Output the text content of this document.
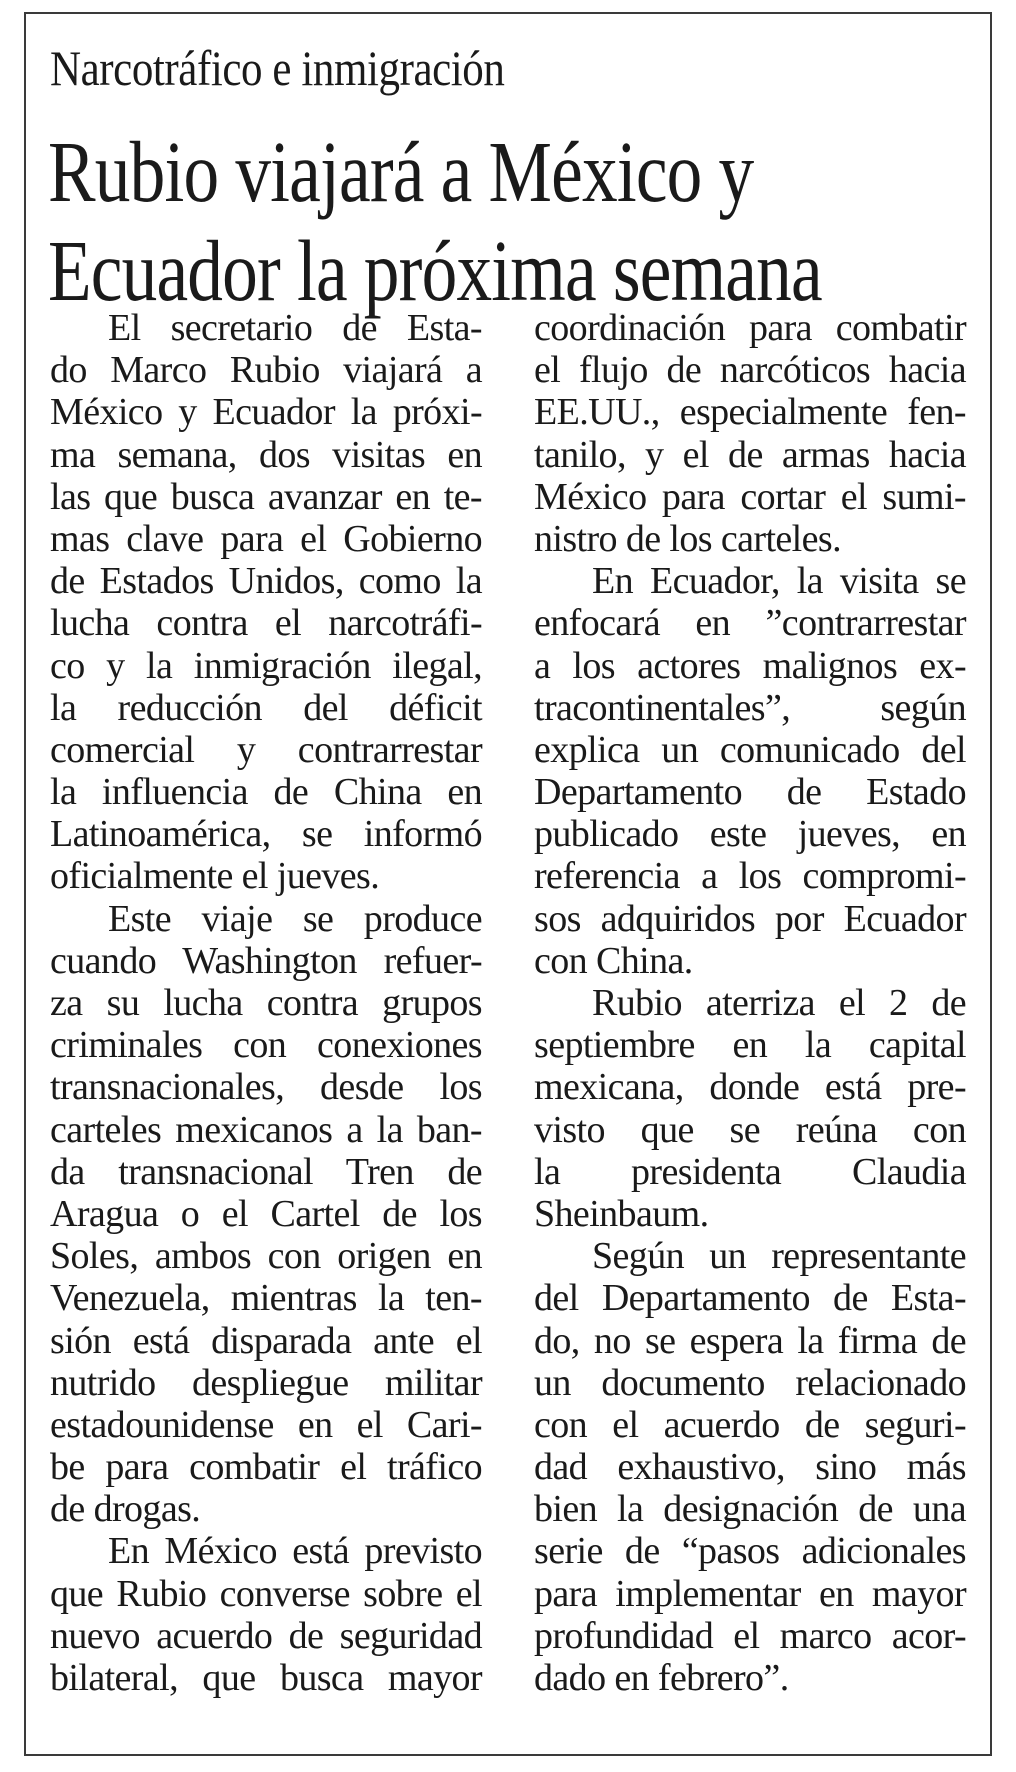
Narcotráfico e inmigración
Rubio viajará a México y
Ecuador la próxima semana
El secretario de Esta-
do Marco Rubio viajará a
México y Ecuador la próxi-
ma semana, dos visitas en
las que busca avanzar en te-
mas clave para el Gobierno
de Estados Unidos, como la
lucha contra el narcotráfi-
co y la inmigración ilegal,
la reducción del déficit
comercial y contrarrestar
la influencia de China en
Latinoamérica, se informó
oficialmente el jueves.
Este viaje se produce
cuando Washington refuer-
za su lucha contra grupos
criminales con conexiones
transnacionales, desde los
carteles mexicanos a la ban-
da transnacional Tren de
Aragua o el Cartel de los
Soles, ambos con origen en
Venezuela, mientras la ten-
sión está disparada ante el
nutrido despliegue militar
estadounidense en el Cari-
be para combatir el tráfico
de drogas.
En México está previsto
que Rubio converse sobre el
nuevo acuerdo de seguridad
bilateral, que busca mayor
coordinación para combatir
el flujo de narcóticos hacia
EE.UU., especialmente fen-
tanilo, y el de armas hacia
México para cortar el sumi-
nistro de los carteles.
En Ecuador, la visita se
enfocará en ”contrarrestar
a los actores malignos ex-
tracontinentales”, según
explica un comunicado del
Departamento de Estado
publicado este jueves, en
referencia a los compromi-
sos adquiridos por Ecuador
con China.
Rubio aterriza el 2 de
septiembre en la capital
mexicana, donde está pre-
visto que se reúna con
la presidenta Claudia
Sheinbaum.
Según un representante
del Departamento de Esta-
do, no se espera la firma de
un documento relacionado
con el acuerdo de seguri-
dad exhaustivo, sino más
bien la designación de una
serie de “pasos adicionales
para implementar en mayor
profundidad el marco acor-
dado en febrero”.
